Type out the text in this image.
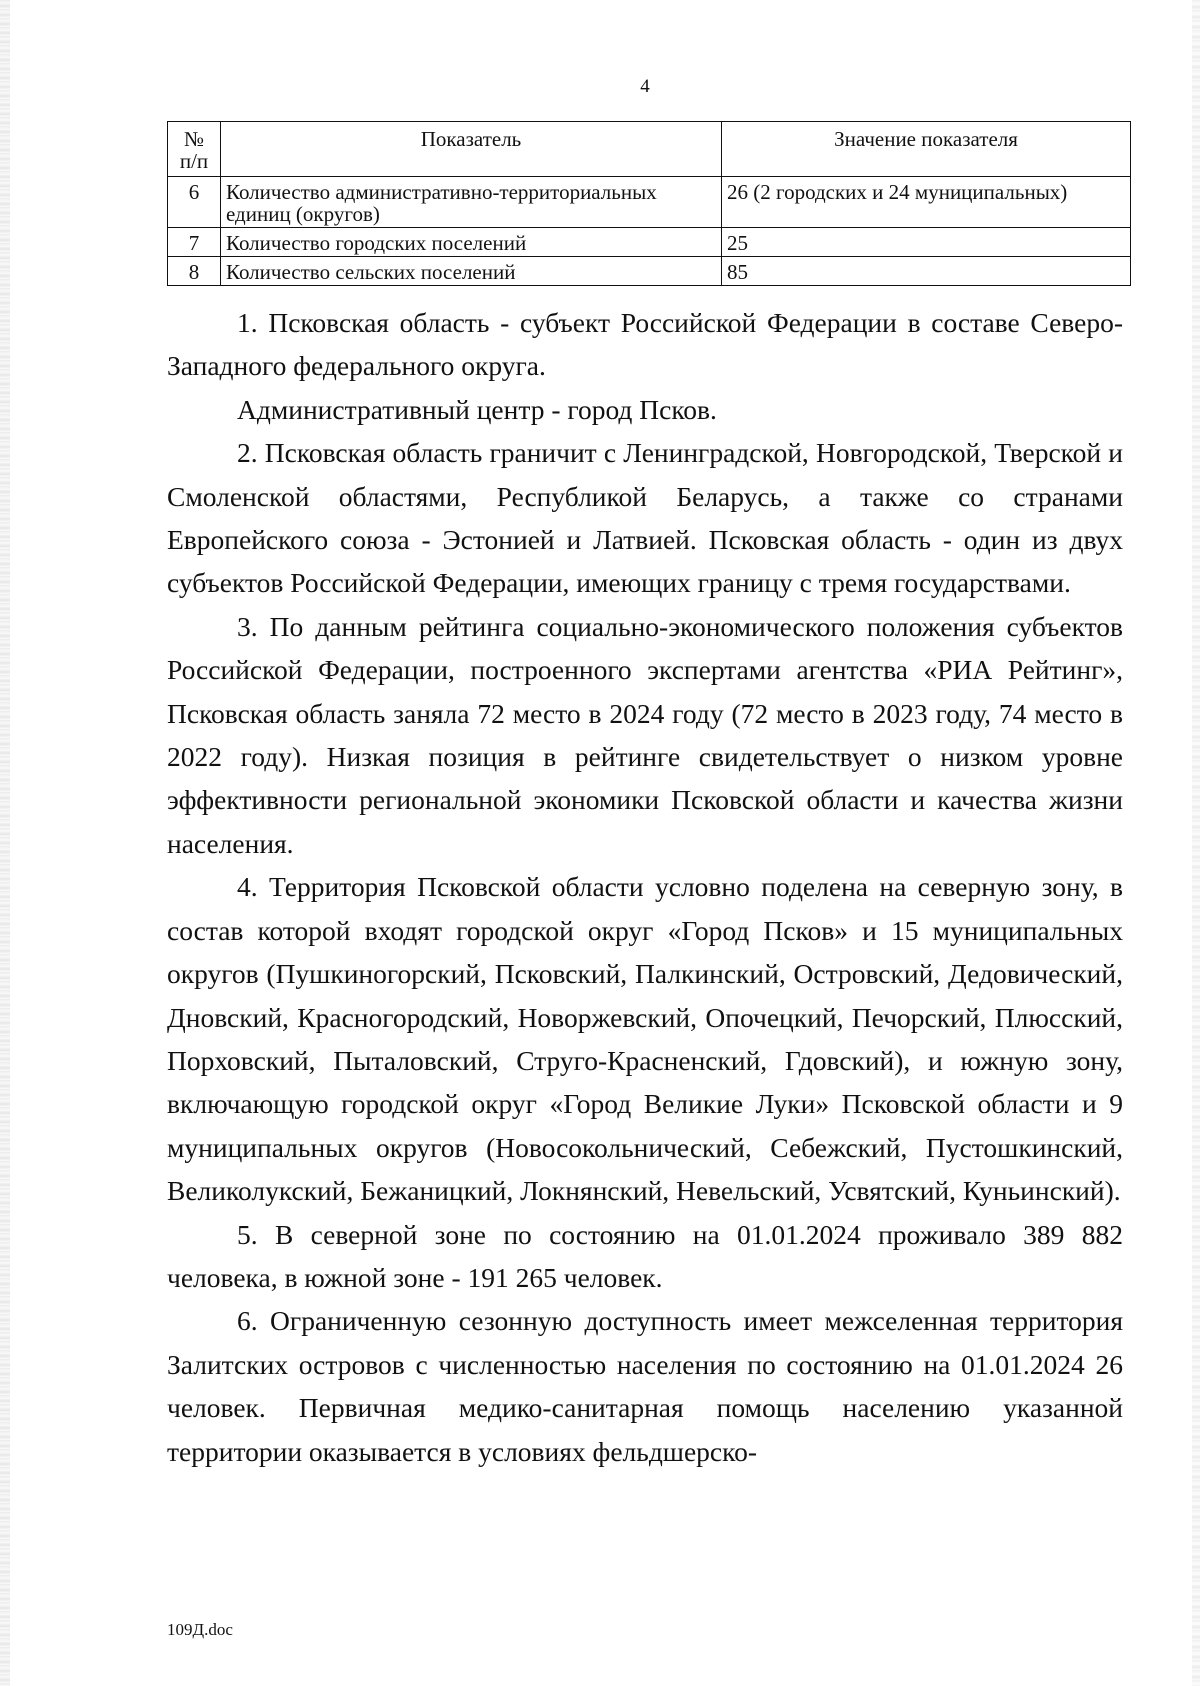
4
№ п/п	Показатель	Значение показателя
6	Количество административно-территориальных единиц (округов)	26 (2 городских и 24 муниципальных)
7	Количество городских поселений	25
8	Количество сельских поселений	85

1. Псковская область - субъект Российской Федерации в составе Северо-Западного федерального округа.

Административный центр - город Псков.

2. Псковская область граничит с Ленинградской, Новгородской, Тверской и Смоленской областями, Республикой Беларусь, а также со странами Европейского союза - Эстонией и Латвией. Псковская область - один из двух субъектов Российской Федерации, имеющих границу с тремя государствами.

3. По данным рейтинга социально-экономического положения субъектов Российской Федерации, построенного экспертами агентства «РИА Рейтинг», Псковская область заняла 72 место в 2024 году (72 место в 2023 году, 74 место в 2022 году). Низкая позиция в рейтинге свидетельствует о низком уровне эффективности региональной экономики Псковской области и качества жизни населения.

4. Территория Псковской области условно поделена на северную зону, в состав которой входят городской округ «Город Псков» и 15 муниципальных округов (Пушкиногорский, Псковский, Палкинский, Островский, Дедовический, Дновский, Красногородский, Новоржевский, Опочецкий, Печорский, Плюсский, Порховский, Пыталовский, Струго-Красненский, Гдовский), и южную зону, включающую городской округ «Город Великие Луки» Псковской области и 9 муниципальных округов (Новосокольнический, Себежский, Пустошкинский, Великолукский, Бежаницкий, Локнянский, Невельский, Усвятский, Куньинский).

5. В северной зоне по состоянию на 01.01.2024 проживало 389 882 человека, в южной зоне - 191 265 человек.

6. Ограниченную сезонную доступность имеет межселенная территория Залитских островов с численностью населения по состоянию на 01.01.2024 26 человек. Первичная медико-санитарная помощь населению указанной территории оказывается в условиях фельдшерско-

109Д.doc
